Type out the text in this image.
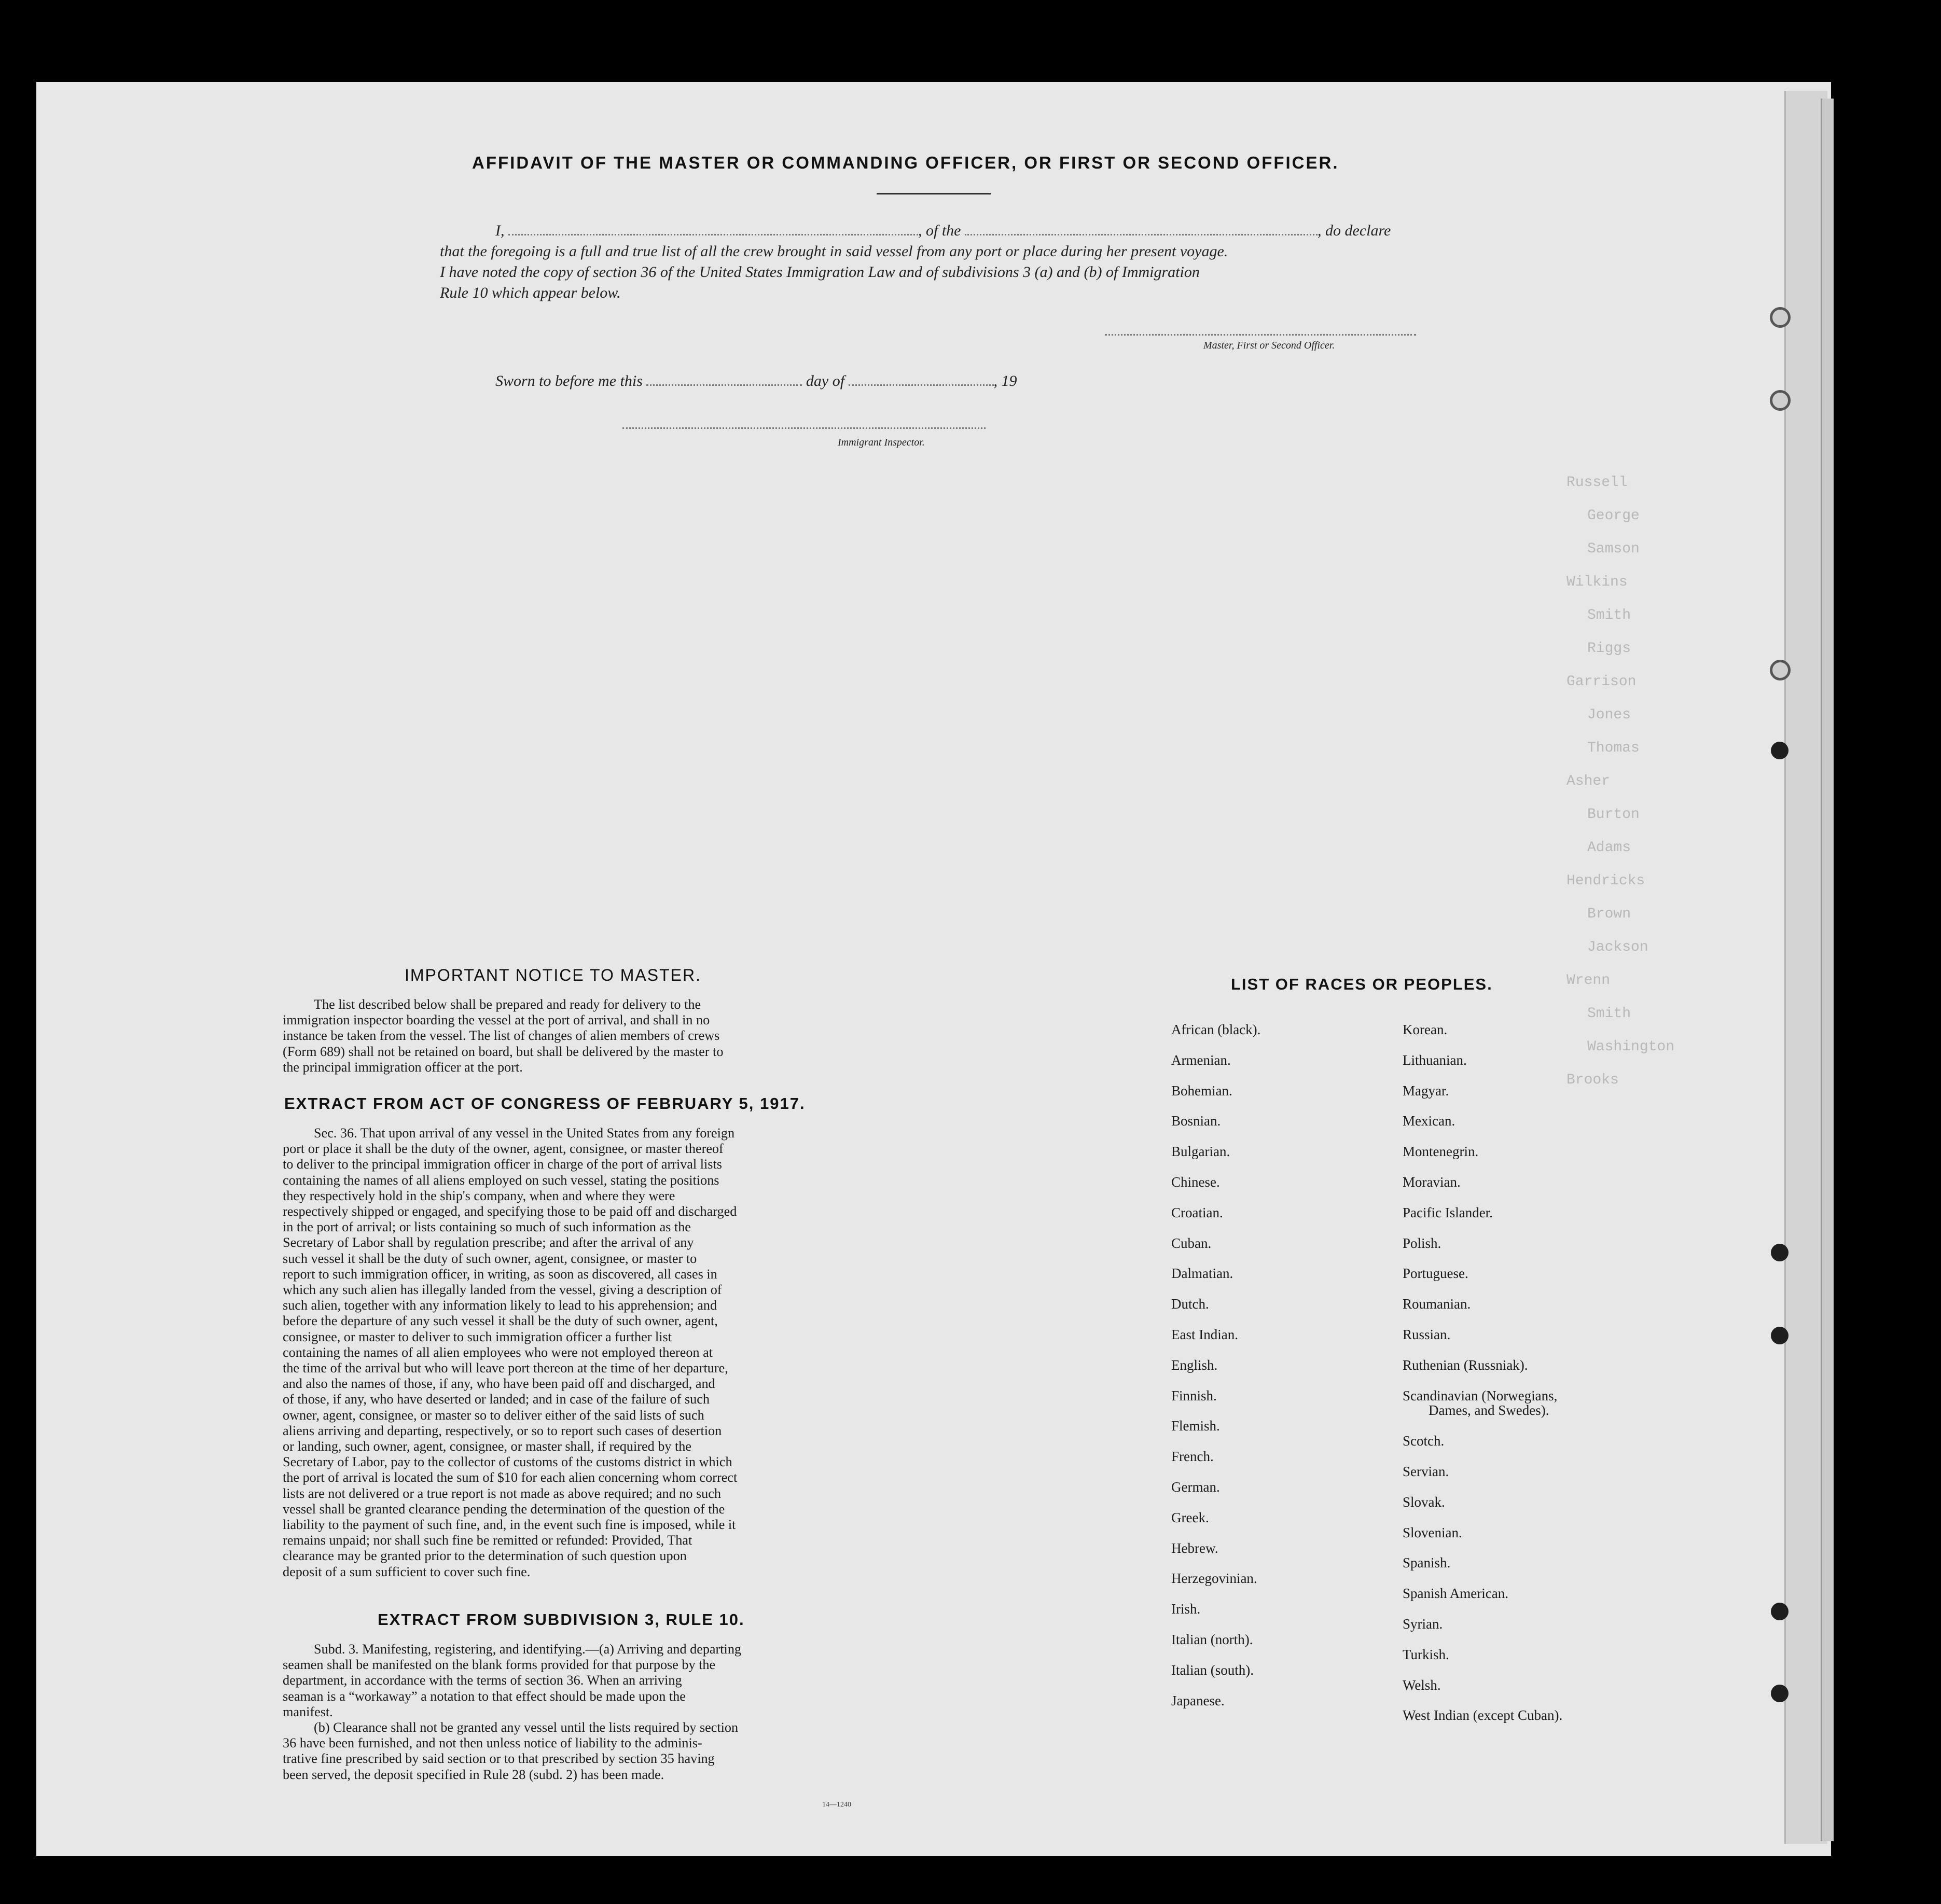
Russell
George
Samson
Wilkins
Smith
Riggs
Garrison
Jones
Thomas
Asher
Burton
Adams
Hendricks
Brown
Jackson
Wrenn
Smith
Washington
Brooks
AFFIDAVIT OF THE MASTER OR COMMANDING OFFICER, OR FIRST OR SECOND OFFICER.
I,	, of the	, do declare
that the foregoing is a full and true list of all the crew brought in said vessel from any port or place during her present voyage.
I have noted the copy of section 36 of the United States Immigration Law and of subdivisions 3 (a) and (b) of Immigration
Rule 10 which appear below.
Master, First or Second Officer.
Sworn to before me this	day of	, 19
Immigrant Inspector.
IMPORTANT NOTICE TO MASTER.

The list described below shall be prepared and ready for delivery to the

immigration inspector boarding the vessel at the port of arrival, and shall in no

instance be taken from the vessel. The list of changes of alien members of crews

(Form 689) shall not be retained on board, but shall be delivered by the master to

the principal immigration officer at the port.

EXTRACT FROM ACT OF CONGRESS OF FEBRUARY 5, 1917.

Sec. 36. That upon arrival of any vessel in the United States from any foreign

port or place it shall be the duty of the owner, agent, consignee, or master thereof

to deliver to the principal immigration officer in charge of the port of arrival lists

containing the names of all aliens employed on such vessel, stating the positions

they respectively hold in the ship's company, when and where they were

respectively shipped or engaged, and specifying those to be paid off and discharged

in the port of arrival; or lists containing so much of such information as the

Secretary of Labor shall by regulation prescribe; and after the arrival of any

such vessel it shall be the duty of such owner, agent, consignee, or master to

report to such immigration officer, in writing, as soon as discovered, all cases in

which any such alien has illegally landed from the vessel, giving a description of

such alien, together with any information likely to lead to his apprehension; and

before the departure of any such vessel it shall be the duty of such owner, agent,

consignee, or master to deliver to such immigration officer a further list

containing the names of all alien employees who were not employed thereon at

the time of the arrival but who will leave port thereon at the time of her departure,

and also the names of those, if any, who have been paid off and discharged, and

of those, if any, who have deserted or landed; and in case of the failure of such

owner, agent, consignee, or master so to deliver either of the said lists of such

aliens arriving and departing, respectively, or so to report such cases of desertion

or landing, such owner, agent, consignee, or master shall, if required by the

Secretary of Labor, pay to the collector of customs of the customs district in which

the port of arrival is located the sum of $10 for each alien concerning whom correct

lists are not delivered or a true report is not made as above required; and no such

vessel shall be granted clearance pending the determination of the question of the

liability to the payment of such fine, and, in the event such fine is imposed, while it

remains unpaid; nor shall such fine be remitted or refunded: Provided, That

clearance may be granted prior to the determination of such question upon

deposit of a sum sufficient to cover such fine.

EXTRACT FROM SUBDIVISION 3, RULE 10.

Subd. 3. Manifesting, registering, and identifying.—(a) Arriving and departing

seamen shall be manifested on the blank forms provided for that purpose by the

department, in accordance with the terms of section 36. When an arriving

seaman is a “workaway” a notation to that effect should be made upon the

manifest.

(b) Clearance shall not be granted any vessel until the lists required by section

36 have been furnished, and not then unless notice of liability to the adminis-

trative fine prescribed by said section or to that prescribed by section 35 having

been served, the deposit specified in Rule 28 (subd. 2) has been made.

14—1240
LIST OF RACES OR PEOPLES.
African (black).
Armenian.
Bohemian.
Bosnian.
Bulgarian.
Chinese.
Croatian.
Cuban.
Dalmatian.
Dutch.
East Indian.
English.
Finnish.
Flemish.
French.
German.
Greek.
Hebrew.
Herzegovinian.
Irish.
Italian (north).
Italian (south).
Japanese.
Korean.
Lithuanian.
Magyar.
Mexican.
Montenegrin.
Moravian.
Pacific Islander.
Polish.
Portuguese.
Roumanian.
Russian.
Ruthenian (Russniak).
Scandinavian (Norwegians,
Dames, and Swedes).
Scotch.
Servian.
Slovak.
Slovenian.
Spanish.
Spanish American.
Syrian.
Turkish.
Welsh.
West Indian (except Cuban).
